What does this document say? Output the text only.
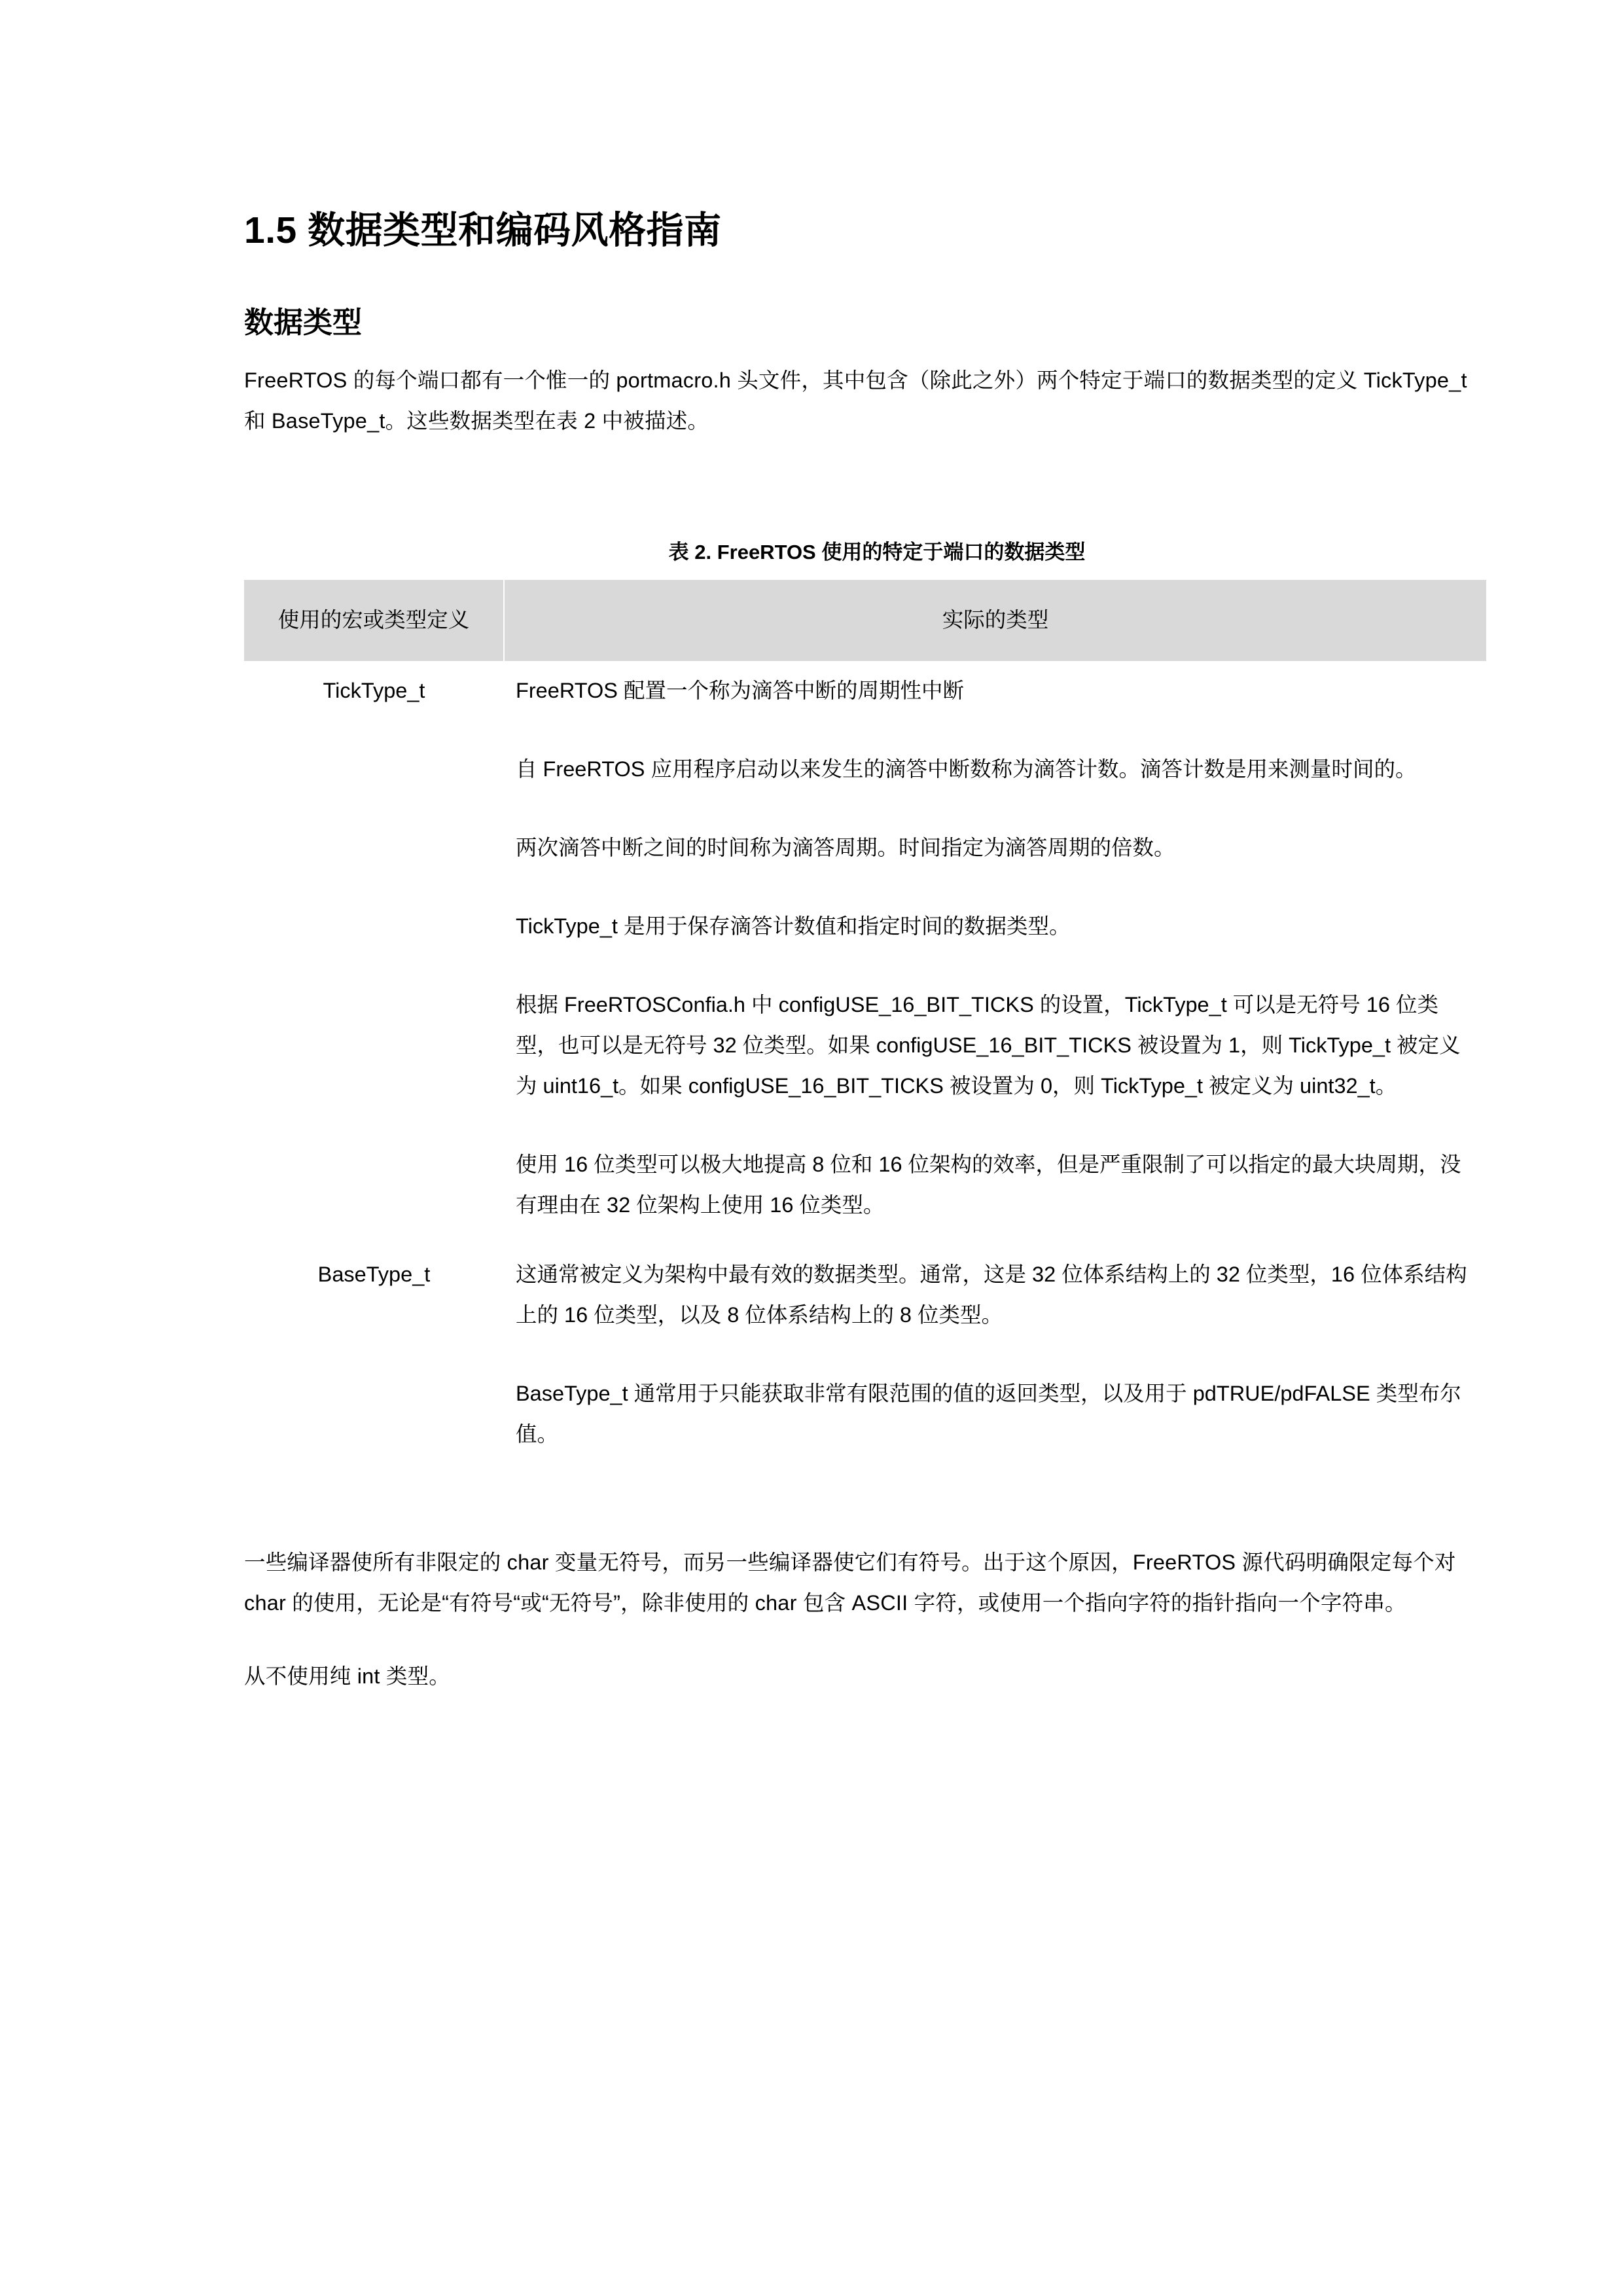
1.5 数据类型和编码风格指南
数据类型

FreeRTOS 的每个端口都有一个惟一的 portmacro.h 头文件，其中包含（除此之外）两个特定于端口的数据类型的定义 TickType_t 和 BaseType_t。这些数据类型在表 2 中被描述。

表 2. FreeRTOS 使用的特定于端口的数据类型
使用的宏或类型定义	实际的类型
TickType_t	FreeRTOS 配置一个称为滴答中断的周期性中断

自 FreeRTOS 应用程序启动以来发生的滴答中断数称为滴答计数。滴答计数是用来测量时间的。

两次滴答中断之间的时间称为滴答周期。时间指定为滴答周期的倍数。

TickType_t 是用于保存滴答计数值和指定时间的数据类型。

根据 FreeRTOSConfia.h 中 configUSE_16_BIT_TICKS 的设置，TickType_t 可以是无符号 16 位类型，也可以是无符号 32 位类型。如果 configUSE_16_BIT_TICKS 被设置为 1，则 TickType_t 被定义为 uint16_t。如果 configUSE_16_BIT_TICKS 被设置为 0，则 TickType_t 被定义为 uint32_t。

使用 16 位类型可以极大地提高 8 位和 16 位架构的效率，但是严重限制了可以指定的最大块周期，没有理由在 32 位架构上使用 16 位类型。

BaseType_t	这通常被定义为架构中最有效的数据类型。通常，这是 32 位体系结构上的 32 位类型，16 位体系结构上的 16 位类型，以及 8 位体系结构上的 8 位类型。

BaseType_t 通常用于只能获取非常有限范围的值的返回类型，以及用于 pdTRUE/pdFALSE 类型布尔值。

一些编译器使所有非限定的 char 变量无符号，而另一些编译器使它们有符号。出于这个原因，FreeRTOS 源代码明确限定每个对 char 的使用，无论是“有符号“或“无符号”，除非使用的 char 包含 ASCII 字符，或使用一个指向字符的指针指向一个字符串。

从不使用纯 int 类型。
